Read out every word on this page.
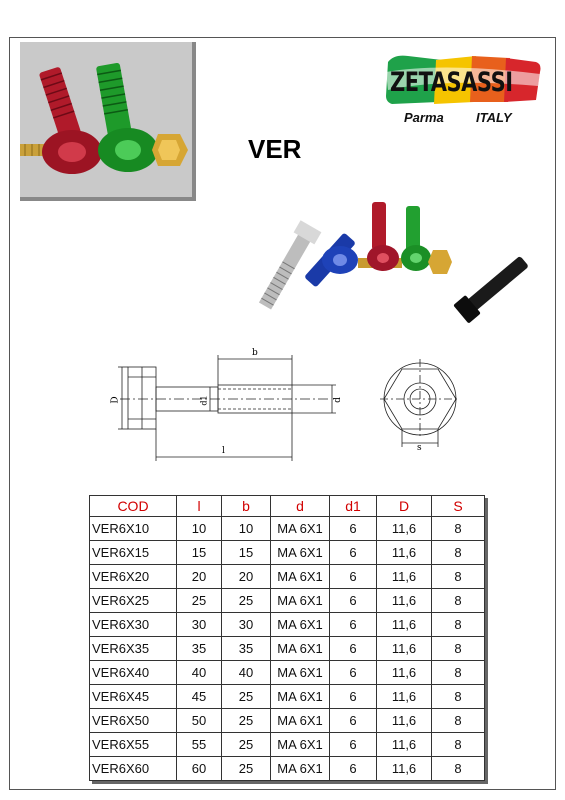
ZETASASSI
Parma ITALY
VER
D	d1	d
b
l	s
COD	l	b	d	d1	D	S
VER6X10	10	10	MA 6X1	6	11,6	8
VER6X15	15	15	MA 6X1	6	11,6	8
VER6X20	20	20	MA 6X1	6	11,6	8
VER6X25	25	25	MA 6X1	6	11,6	8
VER6X30	30	30	MA 6X1	6	11,6	8
VER6X35	35	35	MA 6X1	6	11,6	8
VER6X40	40	40	MA 6X1	6	11,6	8
VER6X45	45	25	MA 6X1	6	11,6	8
VER6X50	50	25	MA 6X1	6	11,6	8
VER6X55	55	25	MA 6X1	6	11,6	8
VER6X60	60	25	MA 6X1	6	11,6	8
